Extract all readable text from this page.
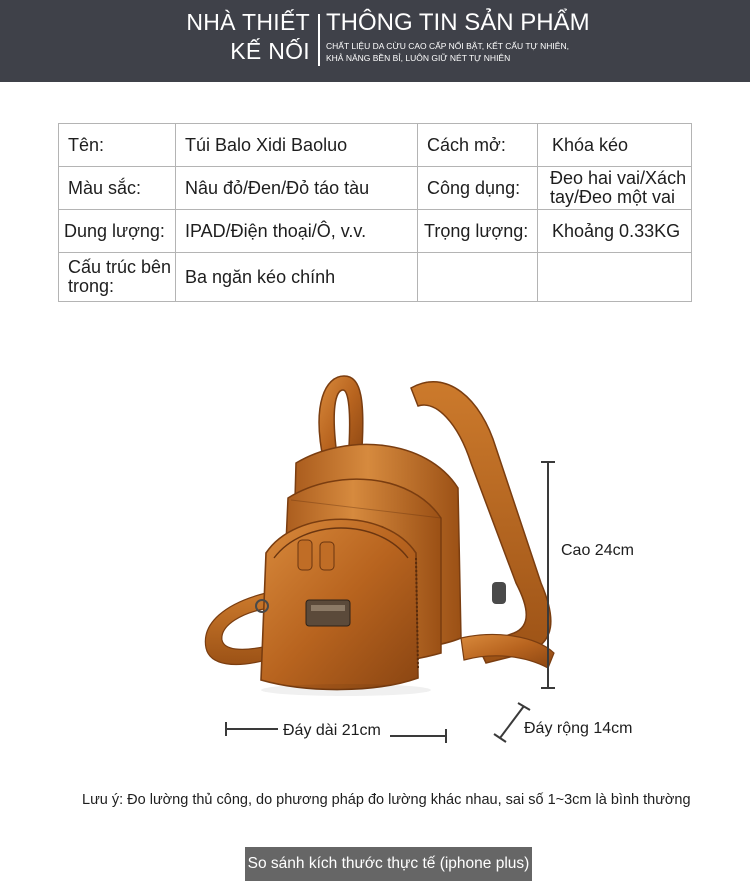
NHÀ THIẾT
KẾ NỐI
THÔNG TIN SẢN PHẨM
CHẤT LIỆU DA CỪU CAO CẤP NỔI BẬT, KẾT CẤU TỰ NHIÊN,
KHẢ NĂNG BỀN BỈ, LUÔN GIỮ NÉT TỰ NHIÊN
Tên:	Túi Balo Xidi Baoluo	Cách mở:	Khóa kéo
Màu sắc:	Nâu đỏ/Đen/Đỏ táo tàu	Công dụng:	Đeo hai vai/Xách tay/Đeo một vai
Dung lượng:	IPAD/Điện thoại/Ô, v.v.	Trọng lượng:	Khoảng 0.33KG
Cấu trúc bên trong:	Ba ngăn kéo chính		
Cao 24cm
Đáy dài 21cm	Đáy rộng 14cm
Lưu ý: Đo lường thủ công, do phương pháp đo lường khác nhau, sai số 1~3cm là bình thường
So sánh kích thước thực tế (iphone plus)
